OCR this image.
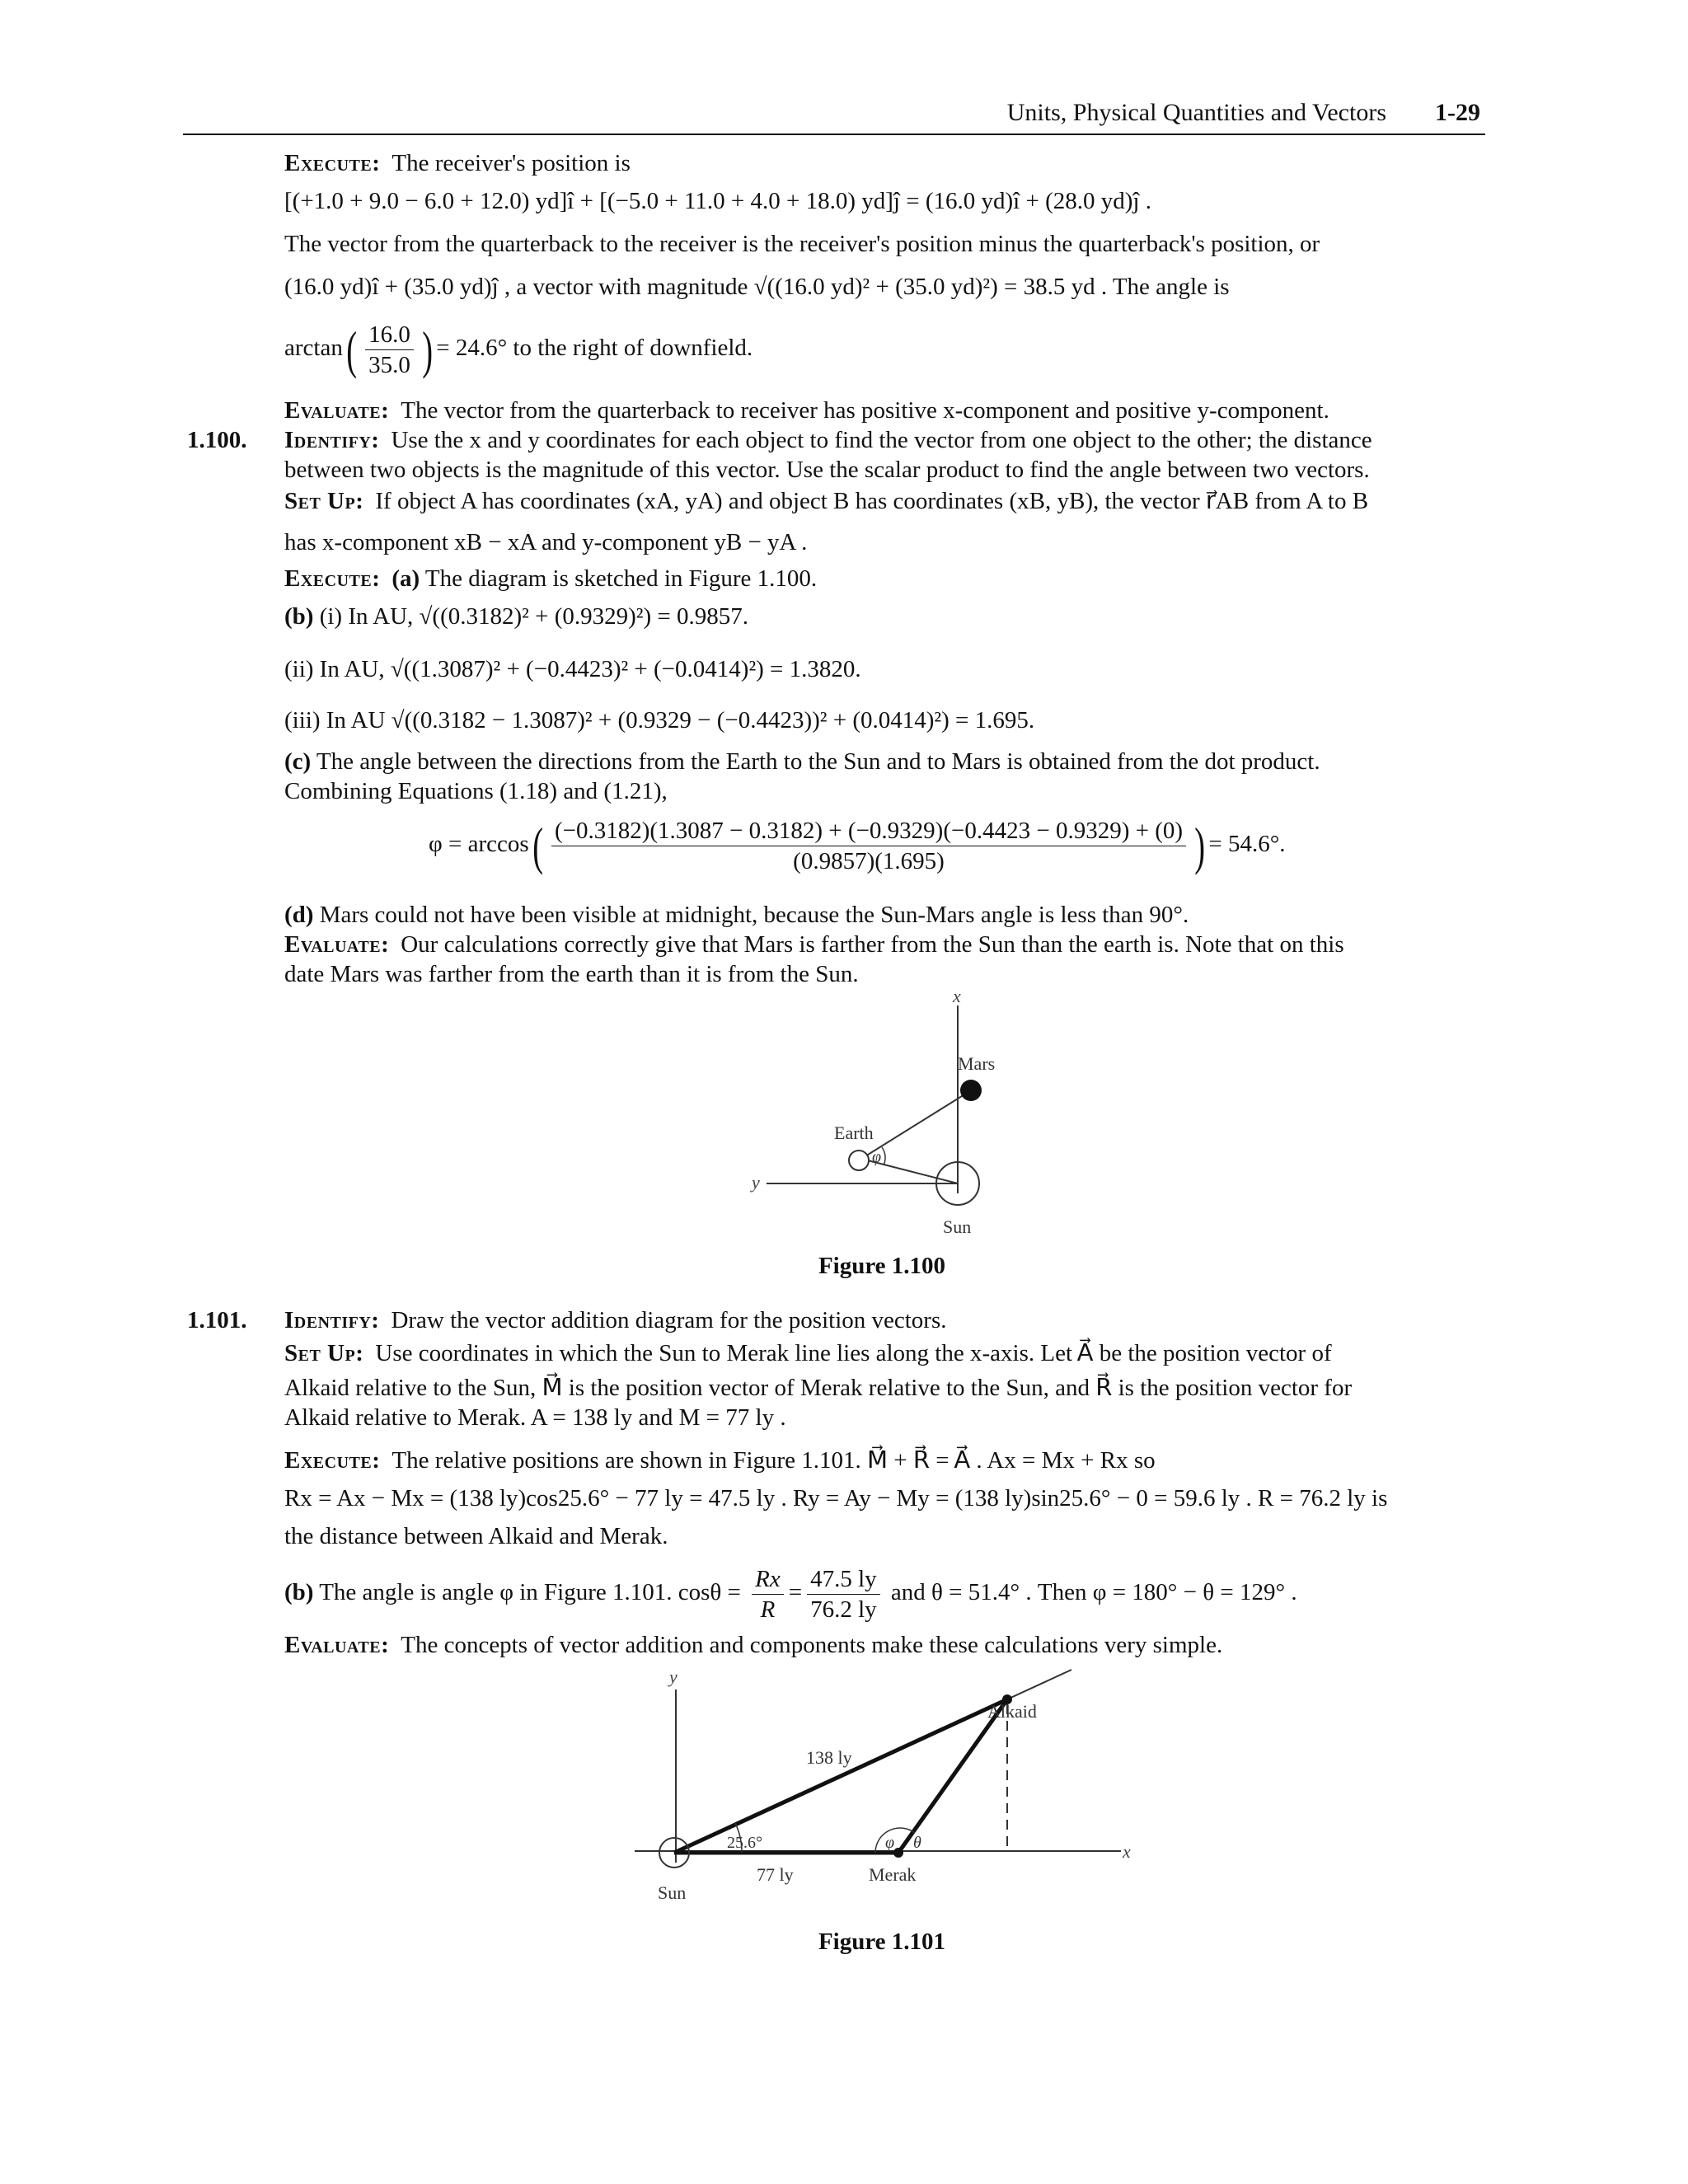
Units, Physical Quantities and Vectors 1-29
Execute: The receiver's position is
[(+1.0 + 9.0 − 6.0 + 12.0) yd]î + [(−5.0 + 11.0 + 4.0 + 18.0) yd]ĵ = (16.0 yd)î + (28.0 yd)ĵ .
The vector from the quarterback to the receiver is the receiver's position minus the quarterback's position, or
(16.0 yd)î + (35.0 yd)ĵ , a vector with magnitude √((16.0 yd)² + (35.0 yd)²) = 38.5 yd . The angle is
$\arctan( \frac{16.0}{35.0}$ ) = 24.6° to the right of downfield.
Evaluate: The vector from the quarterback to receiver has positive x-component and positive y-component.
1.100. Identify: Use the x and y coordinates for each object to find the vector from one object to the other; the distance
between two objects is the magnitude of this vector. Use the scalar product to find the angle between two vectors.
Set Up: If object A has coordinates (xA, yA) and object B has coordinates (xB, yB), the vector r⃗AB from A to B
has x-component xB − xA and y-component yB − yA .
Execute: (a) The diagram is sketched in Figure 1.100.
(b) (i) In AU, √((0.3182)² + (0.9329)²) = 0.9857.
(ii) In AU, √((1.3087)² + (−0.4423)² + (−0.0414)²) = 1.3820.
(iii) In AU √((0.3182 − 1.3087)² + (0.9329 − (−0.4423))² + (0.0414)²) = 1.695.
(c) The angle between the directions from the Earth to the Sun and to Mars is obtained from the dot product.
Combining Equations (1.18) and (1.21),
φ = arccos( (−0.3182)(1.3087 − 0.3182) + (−0.9329)(−0.4423 − 0.9329) + (0)
(0.9857)(1.695)	) = 54.6°.
(d) Mars could not have been visible at midnight, because the Sun-Mars angle is less than 90°.
Evaluate: Our calculations correctly give that Mars is farther from the Sun than the earth is. Note that on this
date Mars was farther from the earth than it is from the Sun.
x
y
Mars
Earth
φ
Sun
Figure 1.100
1.101. Identify: Draw the vector addition diagram for the position vectors.
Set Up: Use coordinates in which the Sun to Merak line lies along the x-axis. Let A⃗ be the position vector of
Alkaid relative to the Sun, M⃗ is the position vector of Merak relative to the Sun, and R⃗ is the position vector for
Alkaid relative to Merak. A = 138 ly and M = 77 ly .
Execute: The relative positions are shown in Figure 1.101. M⃗ + R⃗ = A⃗ . Ax = Mx + Rx so
Rx = Ax − Mx = (138 ly)cos25.6° − 77 ly = 47.5 ly . Ry = Ay − My = (138 ly)sin25.6° − 0 = 59.6 ly . R = 76.2 ly is
the distance between Alkaid and Merak.
(b) The angle is angle φ in Figure 1.101. $\cos\theta = \frac{Rx}{R} = \frac{47.5 ly}{76.2 ly}$ and θ = 51.4° . Then φ = 180° − θ = 129° .
Evaluate: The concepts of vector addition and components make these calculations very simple.
y
x
Alkaid
138 ly
25.6°
77 ly
φ θ
Merak
Sun
Figure 1.101
